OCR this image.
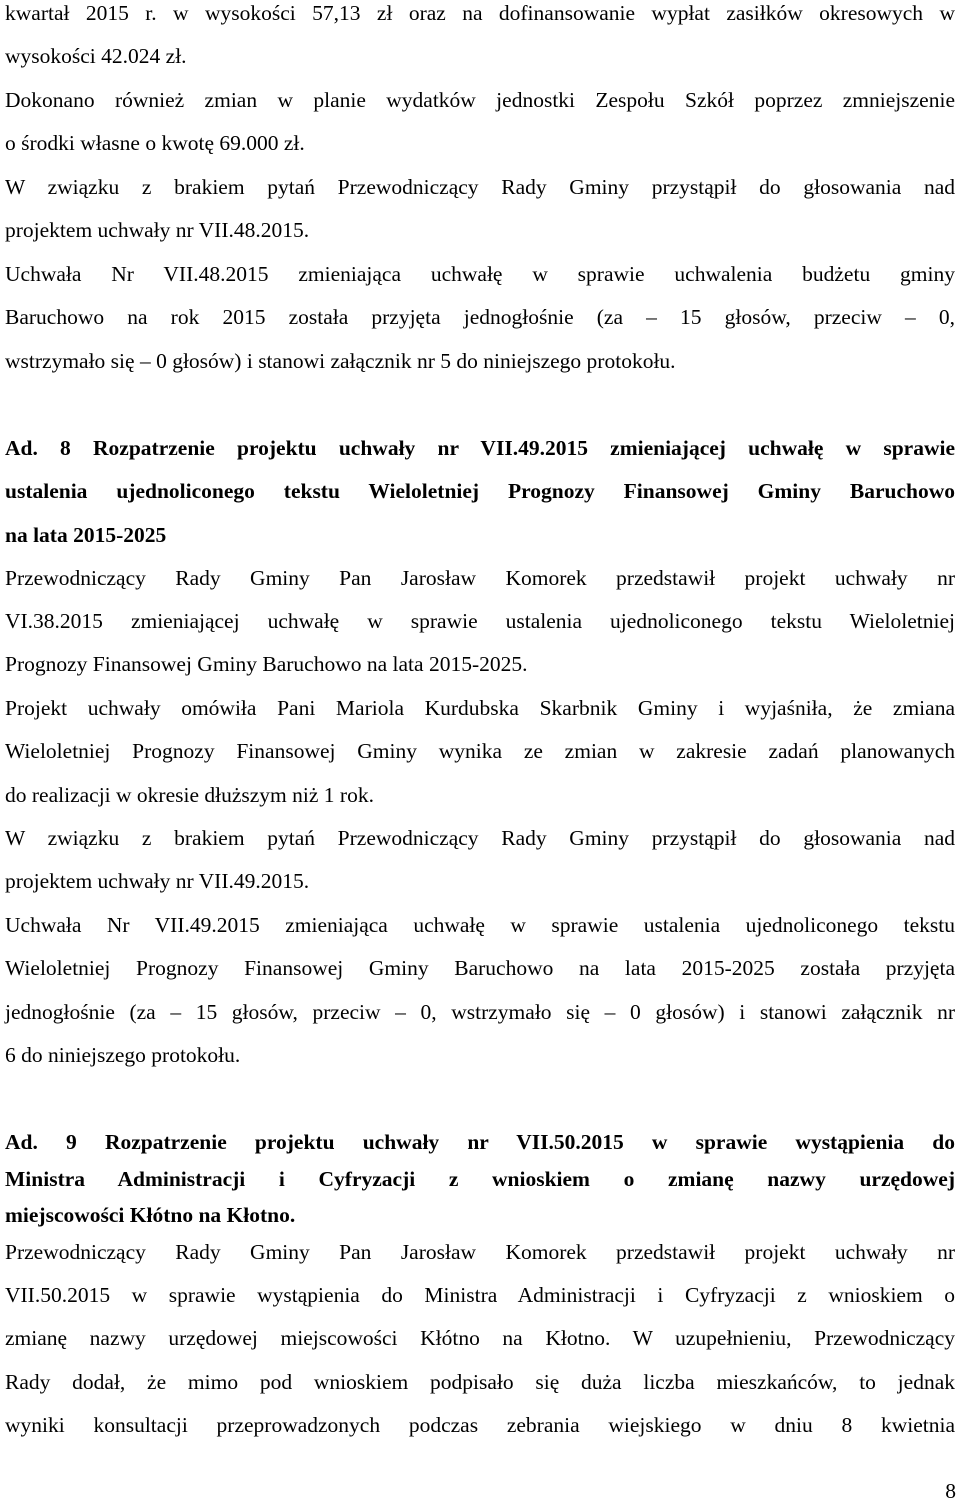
kwartał 2015 r. w wysokości 57,13 zł oraz na dofinansowanie wypłat zasiłków okresowych w
wysokości 42.024 zł.
Dokonano również zmian w planie wydatków jednostki Zespołu Szkół poprzez zmniejszenie
o środki własne o kwotę 69.000 zł.
W związku z brakiem pytań Przewodniczący Rady Gminy przystąpił do głosowania nad
projektem uchwały nr VII.48.2015.
Uchwała Nr VII.48.2015 zmieniająca uchwałę w sprawie uchwalenia budżetu gminy
Baruchowo na rok 2015 została przyjęta jednogłośnie (za – 15 głosów, przeciw – 0,
wstrzymało się – 0 głosów) i stanowi załącznik nr 5 do niniejszego protokołu.
Ad. 8 Rozpatrzenie projektu uchwały nr VII.49.2015 zmieniającej uchwałę w sprawie
ustalenia ujednoliconego tekstu Wieloletniej Prognozy Finansowej Gminy Baruchowo
na lata 2015-2025
Przewodniczący Rady Gminy Pan Jarosław Komorek przedstawił projekt uchwały nr
VI.38.2015 zmieniającej uchwałę w sprawie ustalenia ujednoliconego tekstu Wieloletniej
Prognozy Finansowej Gminy Baruchowo na lata 2015-2025.
Projekt uchwały omówiła Pani Mariola Kurdubska Skarbnik Gminy i wyjaśniła, że zmiana
Wieloletniej Prognozy Finansowej Gminy wynika ze zmian w zakresie zadań planowanych
do realizacji w okresie dłuższym niż 1 rok.
W związku z brakiem pytań Przewodniczący Rady Gminy przystąpił do głosowania nad
projektem uchwały nr VII.49.2015.
Uchwała Nr VII.49.2015 zmieniająca uchwałę w sprawie ustalenia ujednoliconego tekstu
Wieloletniej Prognozy Finansowej Gminy Baruchowo na lata 2015-2025 została przyjęta
jednogłośnie (za – 15 głosów, przeciw – 0, wstrzymało się – 0 głosów) i stanowi załącznik nr
6 do niniejszego protokołu.
Ad. 9 Rozpatrzenie projektu uchwały nr VII.50.2015 w sprawie wystąpienia do
Ministra Administracji i Cyfryzacji z wnioskiem o zmianę nazwy urzędowej
miejscowości Kłótno na Kłotno.
Przewodniczący Rady Gminy Pan Jarosław Komorek przedstawił projekt uchwały nr
VII.50.2015 w sprawie wystąpienia do Ministra Administracji i Cyfryzacji z wnioskiem o
zmianę nazwy urzędowej miejscowości Kłótno na Kłotno. W uzupełnieniu, Przewodniczący
Rady dodał, że mimo pod wnioskiem podpisało się duża liczba mieszkańców, to jednak
wyniki konsultacji przeprowadzonych podczas zebrania wiejskiego w dniu 8 kwietnia
8
